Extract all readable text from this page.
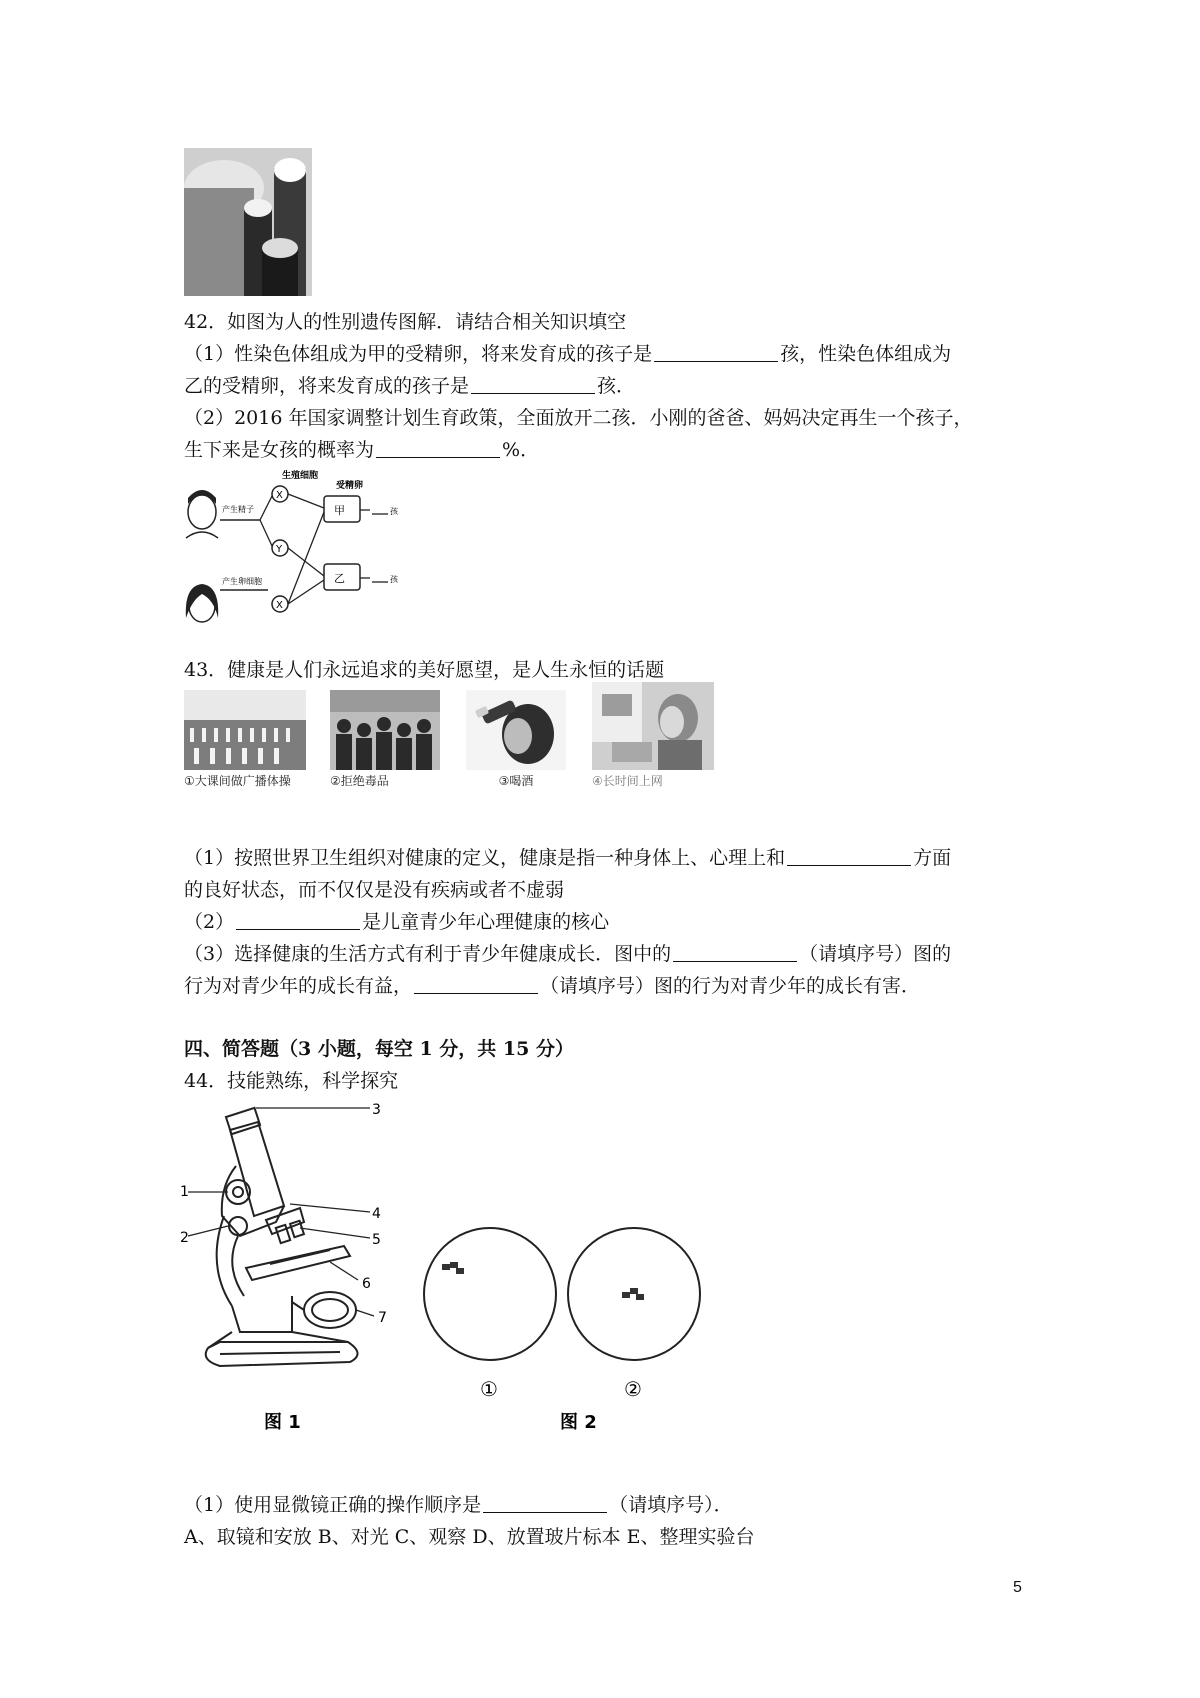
42．如图为人的性别遗传图解．请结合相关知识填空
（1）性染色体组成为甲的受精卵，将来发育成的孩子是	孩，性染色体组成为
乙的受精卵，将来发育成的孩子是	孩．
（2）2016 年国家调整计划生育政策，全面放开二孩．小刚的爸爸、妈妈决定再生一个孩子，
生下来是女孩的概率为	%．
产生精子
产生卵细胞
生殖细胞
受精卵
X
Y
X
甲
乙
孩
孩
43．健康是人们永远追求的美好愿望，是人生永恒的话题
①大课间做广播体操	②拒绝毒品	③喝酒	④长时间上网
（1）按照世界卫生组织对健康的定义，健康是指一种身体上、心理上和	方面
的良好状态，而不仅仅是没有疾病或者不虚弱
（2）	是儿童青少年心理健康的核心
（3）选择健康的生活方式有利于青少年健康成长．图中的	（请填序号）图的
行为对青少年的成长有益，	（请填序号）图的行为对青少年的成长有害．
四、简答题（3 小题，每空 1 分，共 15 分）
44．技能熟练，科学探究
3
1
2
4
5
6
7
图 1
①	②
图 2
（1）使用显微镜正确的操作顺序是	（请填序号）．
A、取镜和安放 B、对光 C、观察 D、放置玻片标本 E、整理实验台
5
